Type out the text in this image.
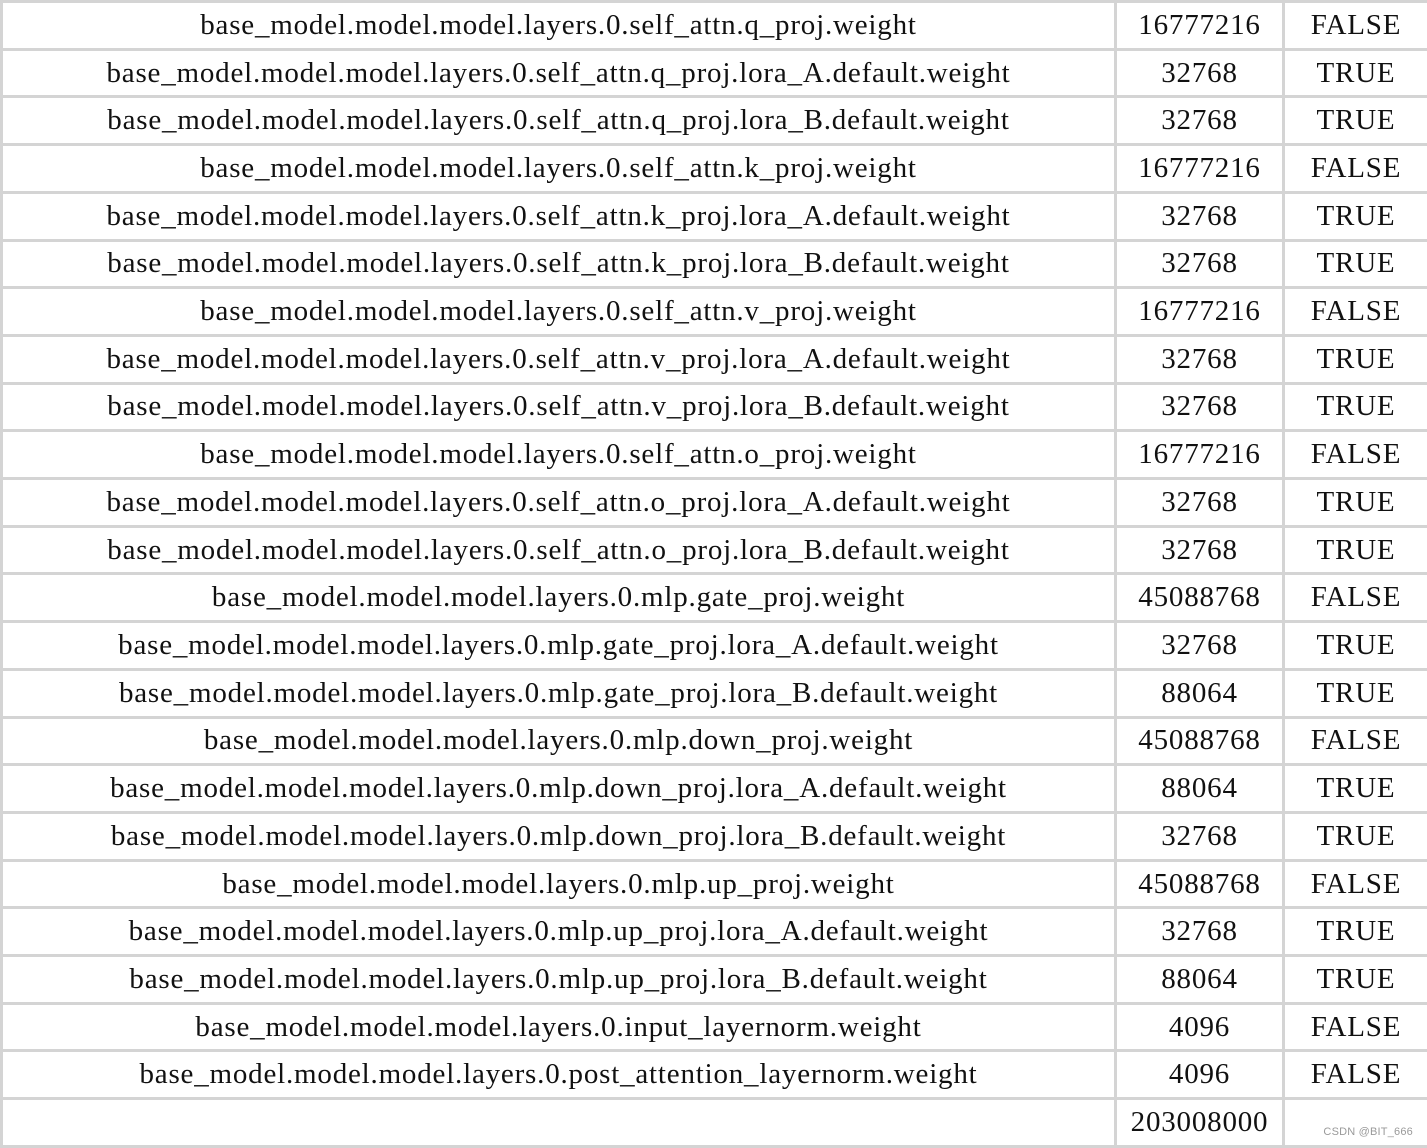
base_model.model.model.layers.0.self_attn.q_proj.weight	16777216	FALSE
base_model.model.model.layers.0.self_attn.q_proj.lora_A.default.weight	32768	TRUE
base_model.model.model.layers.0.self_attn.q_proj.lora_B.default.weight	32768	TRUE
base_model.model.model.layers.0.self_attn.k_proj.weight	16777216	FALSE
base_model.model.model.layers.0.self_attn.k_proj.lora_A.default.weight	32768	TRUE
base_model.model.model.layers.0.self_attn.k_proj.lora_B.default.weight	32768	TRUE
base_model.model.model.layers.0.self_attn.v_proj.weight	16777216	FALSE
base_model.model.model.layers.0.self_attn.v_proj.lora_A.default.weight	32768	TRUE
base_model.model.model.layers.0.self_attn.v_proj.lora_B.default.weight	32768	TRUE
base_model.model.model.layers.0.self_attn.o_proj.weight	16777216	FALSE
base_model.model.model.layers.0.self_attn.o_proj.lora_A.default.weight	32768	TRUE
base_model.model.model.layers.0.self_attn.o_proj.lora_B.default.weight	32768	TRUE
base_model.model.model.layers.0.mlp.gate_proj.weight	45088768	FALSE
base_model.model.model.layers.0.mlp.gate_proj.lora_A.default.weight	32768	TRUE
base_model.model.model.layers.0.mlp.gate_proj.lora_B.default.weight	88064	TRUE
base_model.model.model.layers.0.mlp.down_proj.weight	45088768	FALSE
base_model.model.model.layers.0.mlp.down_proj.lora_A.default.weight	88064	TRUE
base_model.model.model.layers.0.mlp.down_proj.lora_B.default.weight	32768	TRUE
base_model.model.model.layers.0.mlp.up_proj.weight	45088768	FALSE
base_model.model.model.layers.0.mlp.up_proj.lora_A.default.weight	32768	TRUE
base_model.model.model.layers.0.mlp.up_proj.lora_B.default.weight	88064	TRUE
base_model.model.model.layers.0.input_layernorm.weight	4096	FALSE
base_model.model.model.layers.0.post_attention_layernorm.weight	4096	FALSE
	203008000		CSDN @BIT_666
